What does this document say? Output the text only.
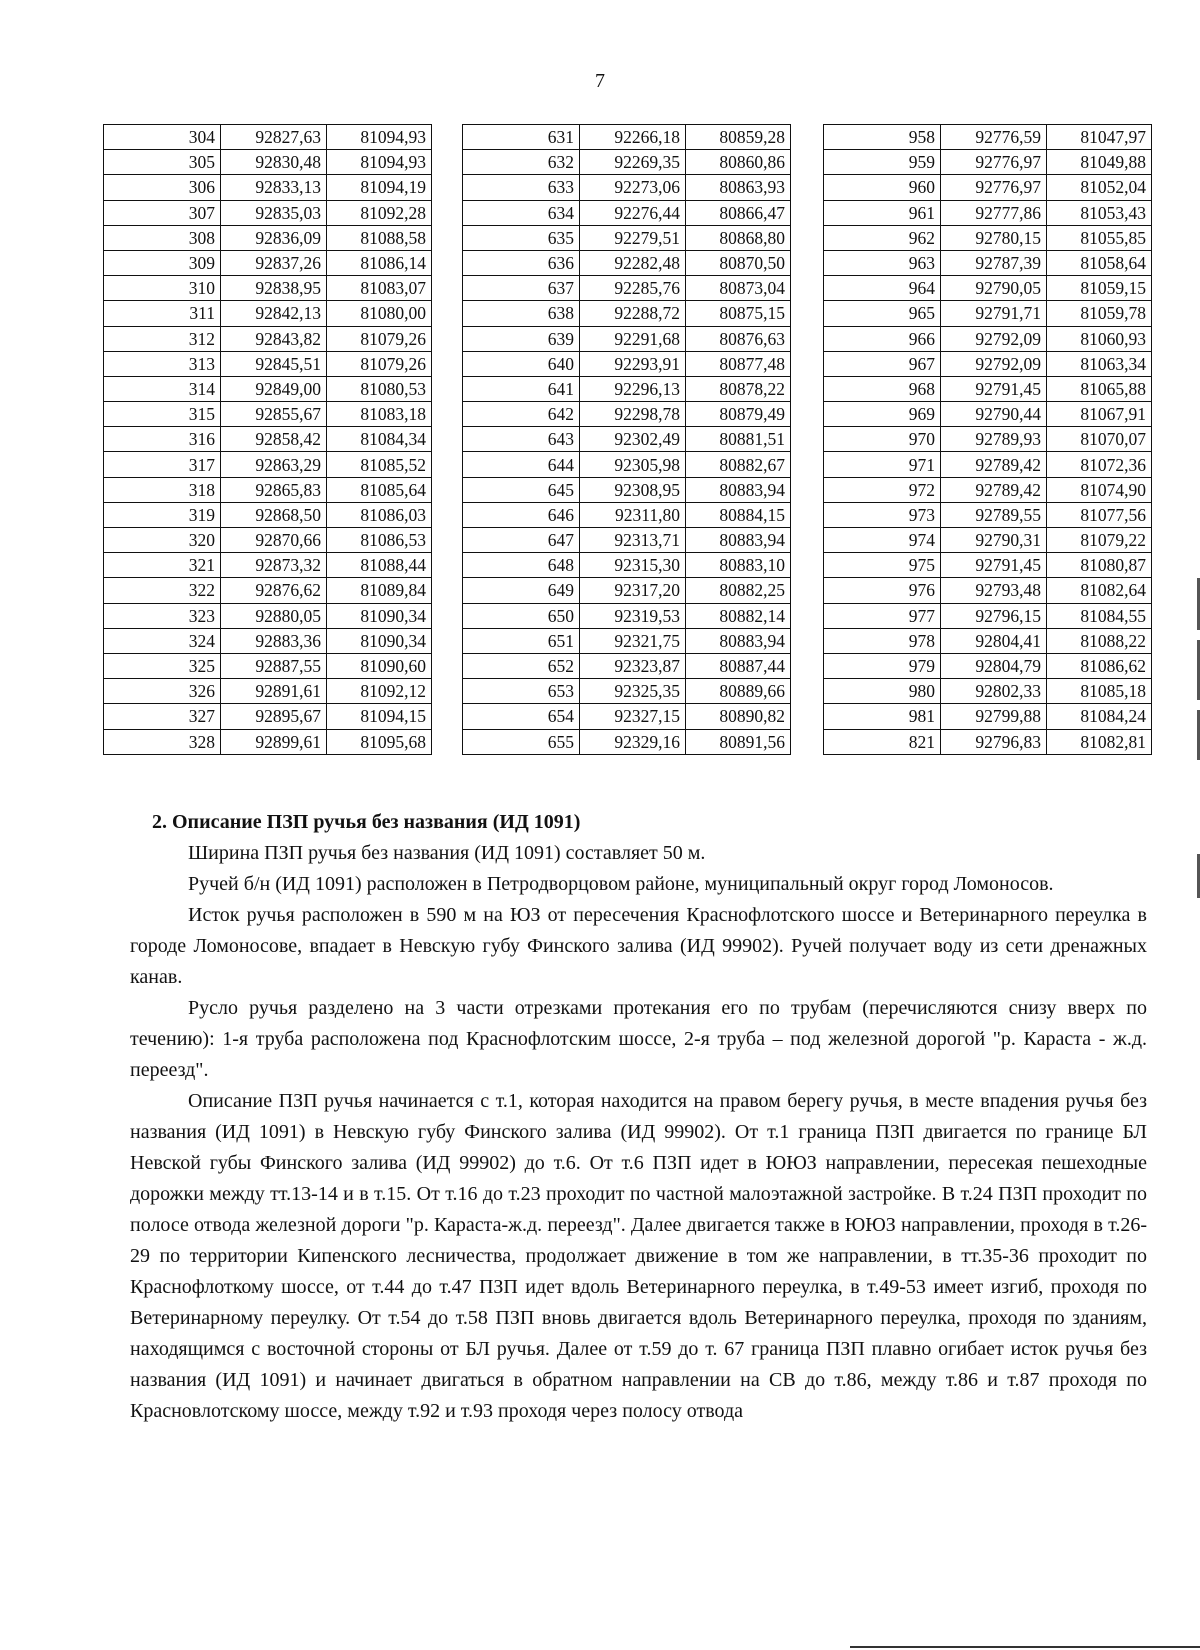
7
304	92827,63	81094,93
305	92830,48	81094,93
306	92833,13	81094,19
307	92835,03	81092,28
308	92836,09	81088,58
309	92837,26	81086,14
310	92838,95	81083,07
311	92842,13	81080,00
312	92843,82	81079,26
313	92845,51	81079,26
314	92849,00	81080,53
315	92855,67	81083,18
316	92858,42	81084,34
317	92863,29	81085,52
318	92865,83	81085,64
319	92868,50	81086,03
320	92870,66	81086,53
321	92873,32	81088,44
322	92876,62	81089,84
323	92880,05	81090,34
324	92883,36	81090,34
325	92887,55	81090,60
326	92891,61	81092,12
327	92895,67	81094,15
328	92899,61	81095,68
631	92266,18	80859,28
632	92269,35	80860,86
633	92273,06	80863,93
634	92276,44	80866,47
635	92279,51	80868,80
636	92282,48	80870,50
637	92285,76	80873,04
638	92288,72	80875,15
639	92291,68	80876,63
640	92293,91	80877,48
641	92296,13	80878,22
642	92298,78	80879,49
643	92302,49	80881,51
644	92305,98	80882,67
645	92308,95	80883,94
646	92311,80	80884,15
647	92313,71	80883,94
648	92315,30	80883,10
649	92317,20	80882,25
650	92319,53	80882,14
651	92321,75	80883,94
652	92323,87	80887,44
653	92325,35	80889,66
654	92327,15	80890,82
655	92329,16	80891,56
958	92776,59	81047,97
959	92776,97	81049,88
960	92776,97	81052,04
961	92777,86	81053,43
962	92780,15	81055,85
963	92787,39	81058,64
964	92790,05	81059,15
965	92791,71	81059,78
966	92792,09	81060,93
967	92792,09	81063,34
968	92791,45	81065,88
969	92790,44	81067,91
970	92789,93	81070,07
971	92789,42	81072,36
972	92789,42	81074,90
973	92789,55	81077,56
974	92790,31	81079,22
975	92791,45	81080,87
976	92793,48	81082,64
977	92796,15	81084,55
978	92804,41	81088,22
979	92804,79	81086,62
980	92802,33	81085,18
981	92799,88	81084,24
821	92796,83	81082,81

2. Описание ПЗП ручья без названия (ИД 1091)

Ширина ПЗП ручья без названия (ИД 1091) составляет 50 м.

Ручей б/н (ИД 1091) расположен в Петродворцовом районе, муниципальный округ город Ломоносов.

Исток ручья расположен в 590 м на ЮЗ от пересечения Краснофлотского шоссе и Ветеринарного переулка в городе Ломоносове, впадает в Невскую губу Финского залива (ИД 99902). Ручей получает воду из сети дренажных канав.

Русло ручья разделено на 3 части отрезками протекания его по трубам (перечисляются снизу вверх по течению): 1-я труба расположена под Краснофлотским шоссе, 2-я труба – под железной дорогой "р. Караста - ж.д. переезд".

Описание ПЗП ручья начинается с т.1, которая находится на правом берегу ручья, в месте впадения ручья без названия (ИД 1091) в Невскую губу Финского залива (ИД 99902). От т.1 граница ПЗП двигается по границе БЛ Невской губы Финского залива (ИД 99902) до т.6. От т.6 ПЗП идет в ЮЮЗ направлении, пересекая пешеходные дорожки между тт.13-14 и в т.15. От т.16 до т.23 проходит по частной малоэтажной застройке. В т.24 ПЗП проходит по полосе отвода железной дороги "р. Караста-ж.д. переезд". Далее двигается также в ЮЮЗ направлении, проходя в т.26-29 по территории Кипенского лесничества, продолжает движение в том же направлении, в тт.35-36 проходит по Краснофлоткому шоссе, от т.44 до т.47 ПЗП идет вдоль Ветеринарного переулка, в т.49-53 имеет изгиб, проходя по Ветеринарному переулку. От т.54 до т.58 ПЗП вновь двигается вдоль Ветеринарного переулка, проходя по зданиям, находящимся с восточной стороны от БЛ ручья. Далее от т.59 до т. 67 граница ПЗП плавно огибает исток ручья без названия (ИД 1091) и начинает двигаться в обратном направлении на СВ до т.86, между т.86 и т.87 проходя по Красновлотскому шоссе, между т.92 и т.93 проходя через полосу отвода
